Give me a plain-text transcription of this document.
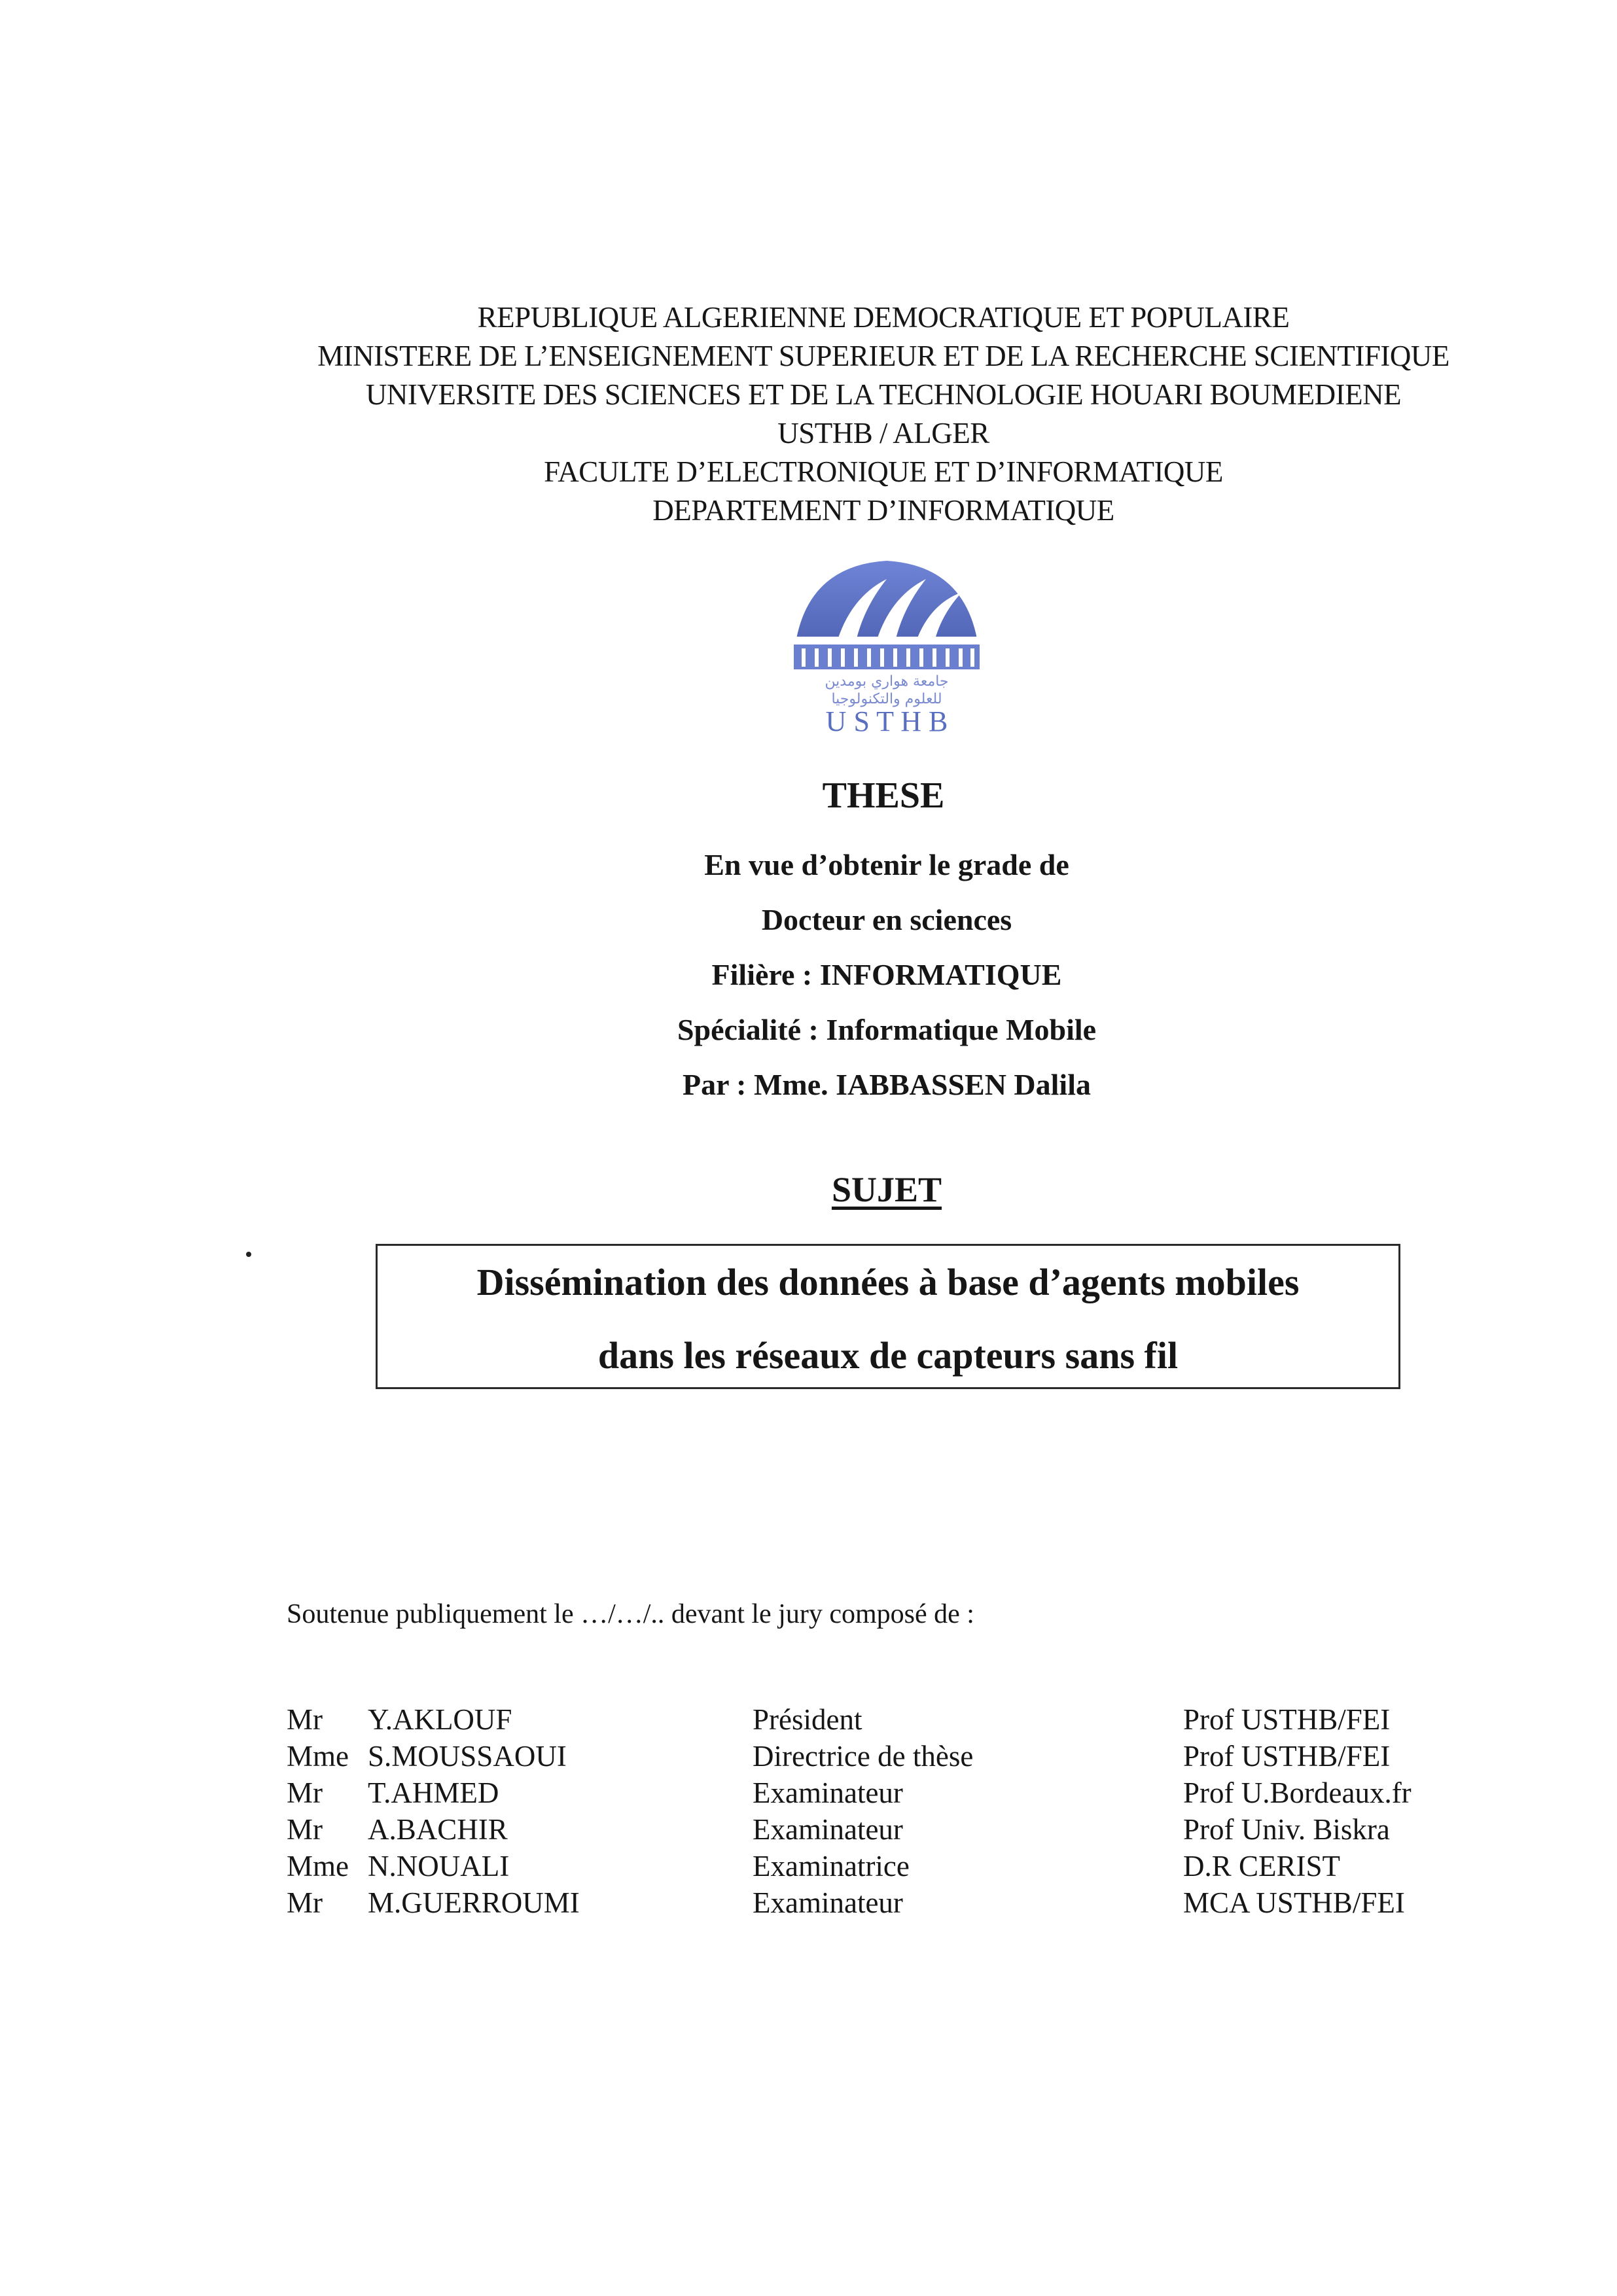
REPUBLIQUE ALGERIENNE DEMOCRATIQUE ET POPULAIRE
MINISTERE DE L’ENSEIGNEMENT SUPERIEUR ET DE LA RECHERCHE SCIENTIFIQUE
UNIVERSITE DES SCIENCES ET DE LA TECHNOLOGIE HOUARI BOUMEDIENE
USTHB / ALGER
FACULTE D’ELECTRONIQUE ET D’INFORMATIQUE
DEPARTEMENT D’INFORMATIQUE
جامعة هواري بومدين
للعلوم والتكنولوجيا
U S T H B
THESE
En vue d’obtenir le grade de
Docteur en sciences
Filière : INFORMATIQUE
Spécialité : Informatique Mobile
Par : Mme. IABBASSEN Dalila
SUJET
Dissémination des données à base d’agents mobiles
dans les réseaux de capteurs sans fil
Soutenue publiquement le …/…/.. devant le jury composé de :
Mr Y.AKLOUF	Président	Prof USTHB/FEI
Mme S.MOUSSAOUI	Directrice de thèse	Prof USTHB/FEI
Mr T.AHMED	Examinateur	Prof U.Bordeaux.fr
Mr A.BACHIR	Examinateur	Prof Univ. Biskra
Mme N.NOUALI	Examinatrice	D.R CERIST
Mr M.GUERROUMI	Examinateur	MCA USTHB/FEI
